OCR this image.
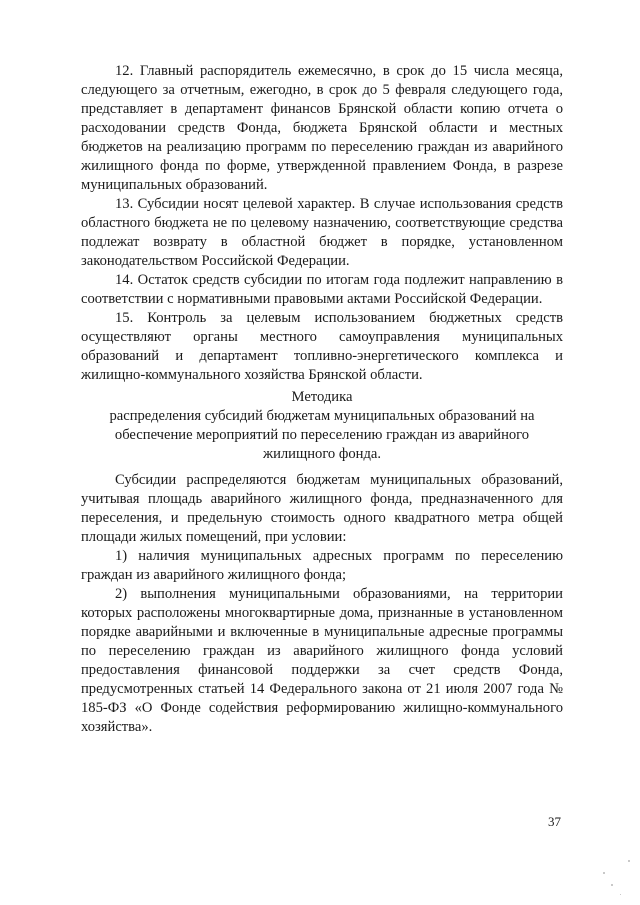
12. Главный распорядитель ежемесячно, в срок до 15 числа месяца, следующего за отчетным, ежегодно, в срок до 5 февраля следующего года, представляет в департамент финансов Брянской области копию отчета о расходовании средств Фонда, бюджета Брянской области и местных бюджетов на реализацию программ по переселению граждан из аварийного жилищного фонда по форме, утвержденной правлением Фонда, в разрезе муниципальных образований.

13. Субсидии носят целевой характер. В случае использования средств областного бюджета не по целевому назначению, соответствующие средства подлежат возврату в областной бюджет в порядке, установленном законодательством Российской Федерации.

14. Остаток средств субсидии по итогам года подлежит направлению в соответствии с нормативными правовыми актами Российской Федерации.

15. Контроль за целевым использованием бюджетных средств осуществляют органы местного самоуправления муниципальных образований и департамент топливно-энергетического комплекса и жилищно-коммунального хозяйства Брянской области.

Методика
распределения субсидий бюджетам муниципальных образований на
обеспечение мероприятий по переселению граждан из аварийного
жилищного фонда.

Субсидии распределяются бюджетам муниципальных образований, учитывая площадь аварийного жилищного фонда, предназначенного для переселения, и предельную стоимость одного квадратного метра общей площади жилых помещений, при условии:

1) наличия муниципальных адресных программ по переселению граждан из аварийного жилищного фонда;

2) выполнения муниципальными образованиями, на территории которых расположены многоквартирные дома, признанные в установленном порядке аварийными и включенные в муниципальные адресные программы по переселению граждан из аварийного жилищного фонда условий предоставления финансовой поддержки за счет средств Фонда, предусмотренных статьей 14 Федерального закона от 21 июля 2007 года № 185-ФЗ «О Фонде содействия реформированию жилищно-коммунального хозяйства».

37
